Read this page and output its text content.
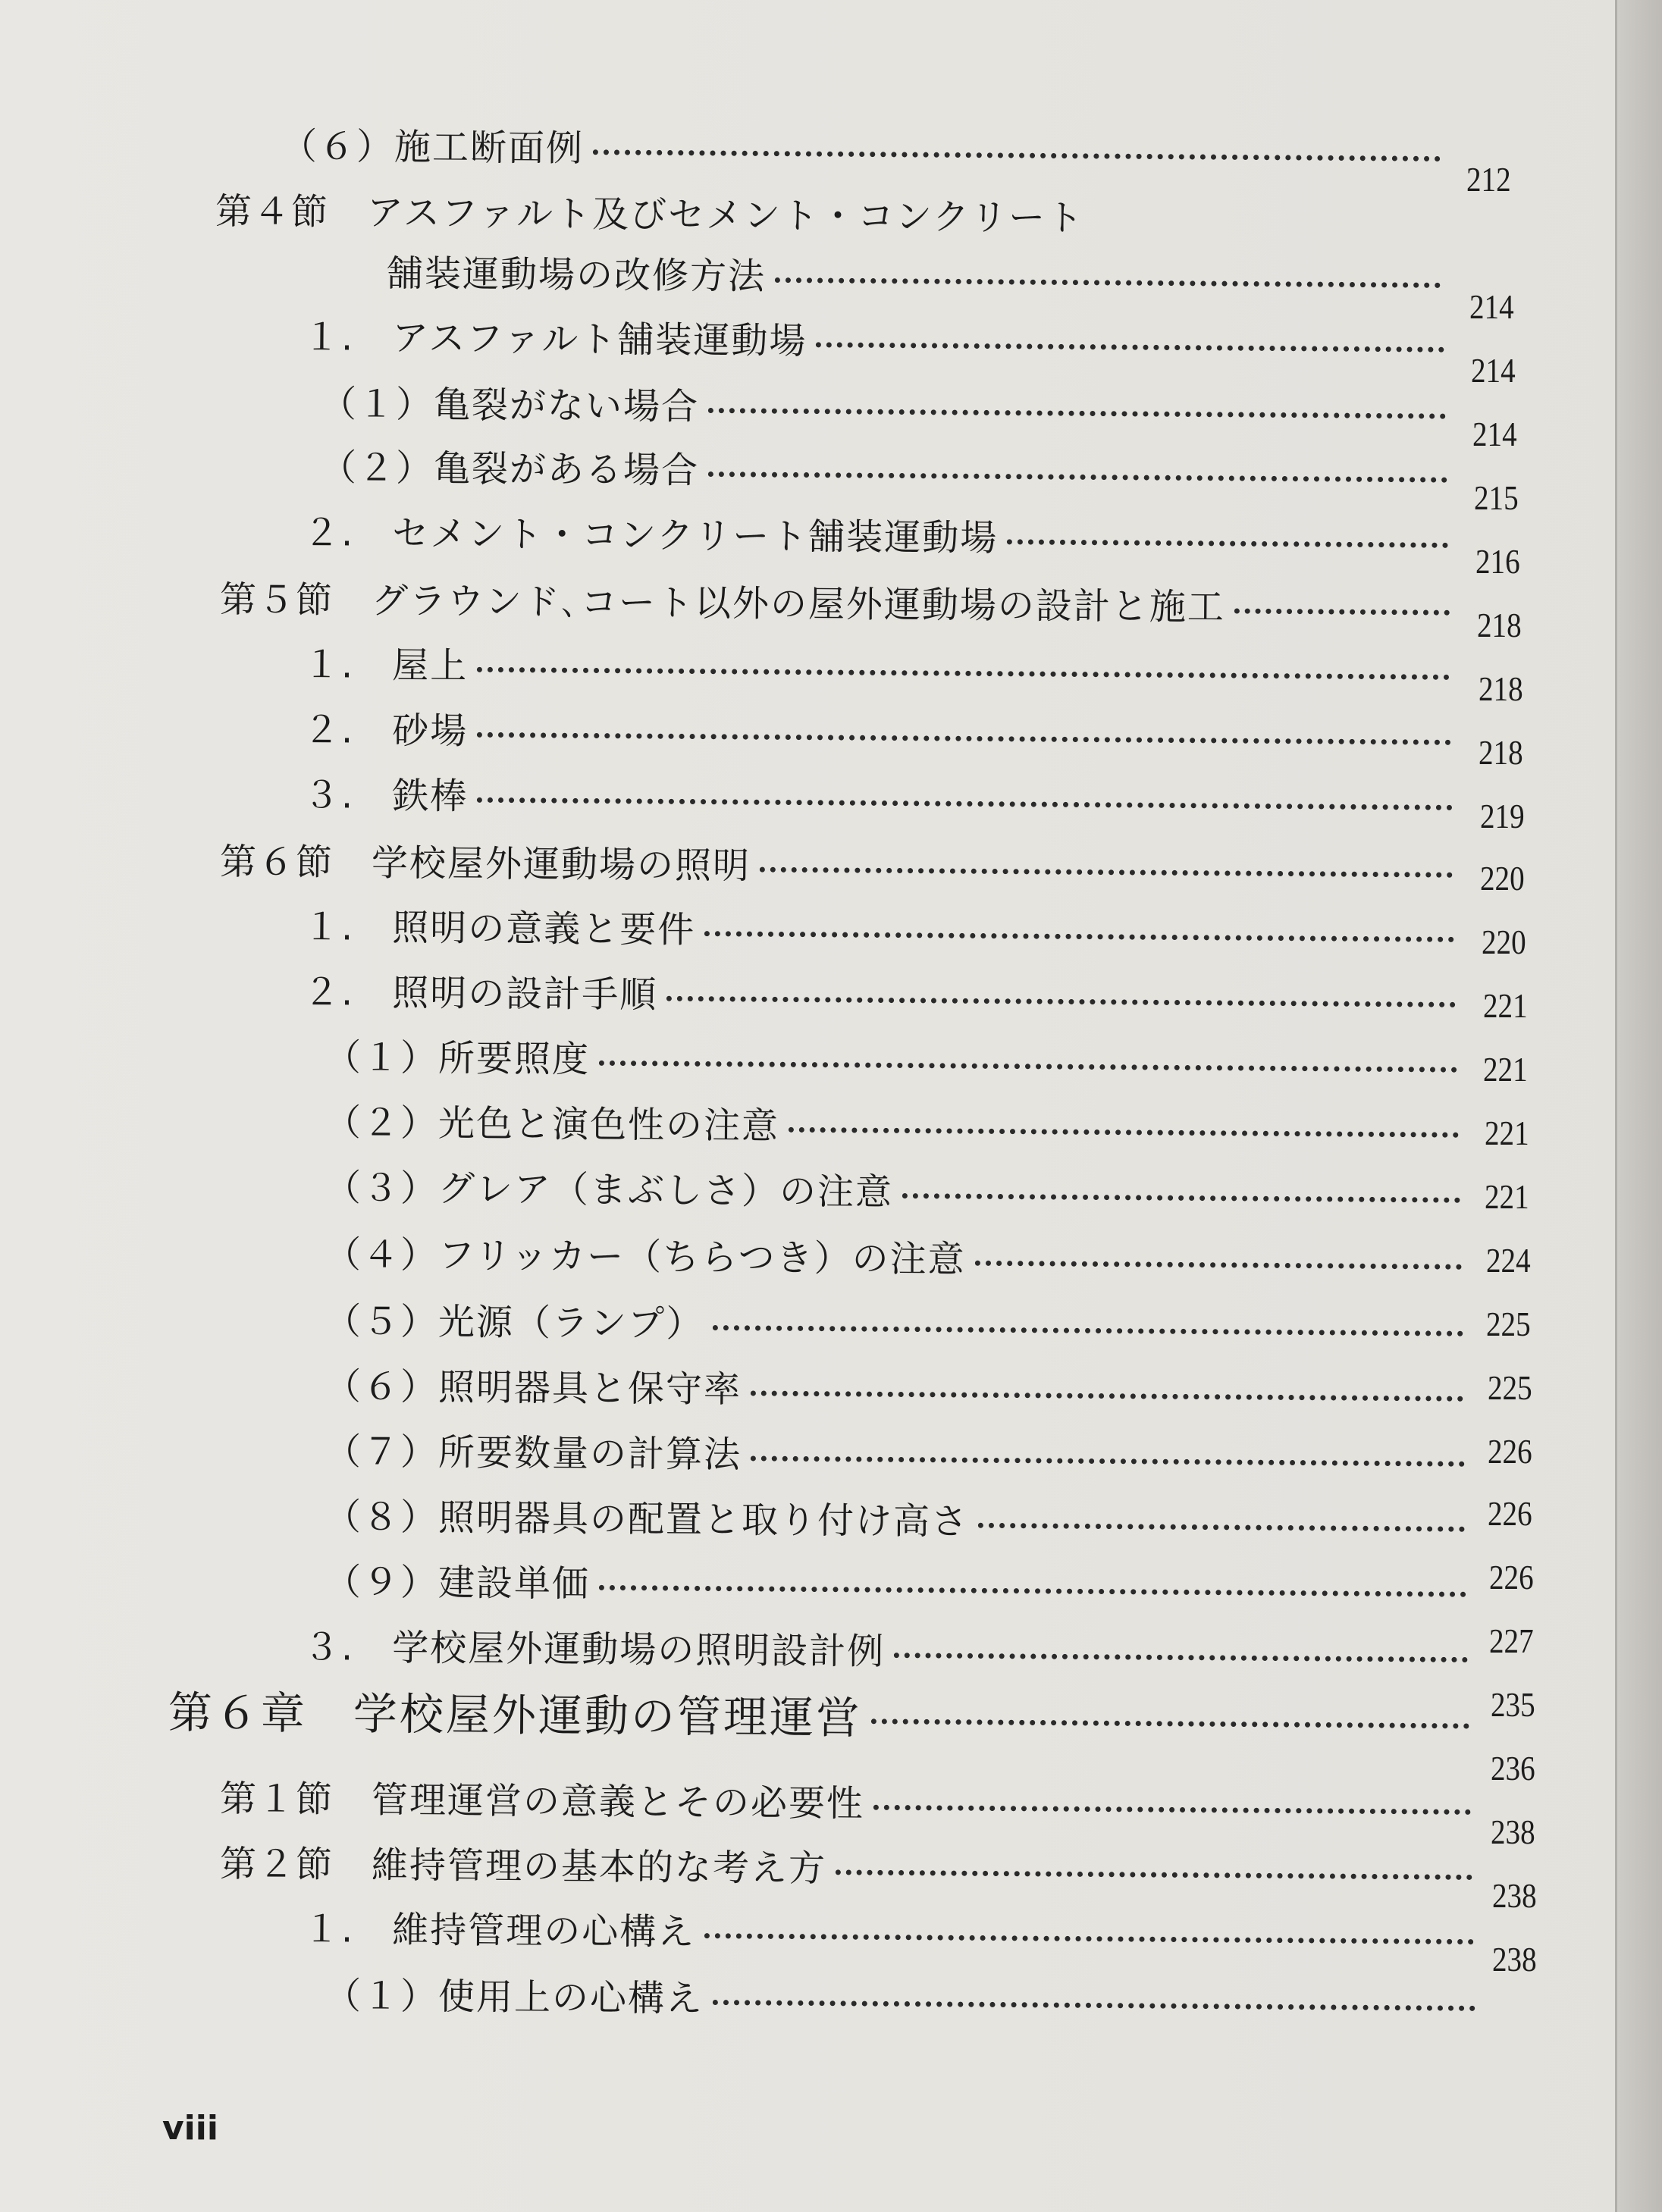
（６）施工断面例
第４節　アスファルト及びセメント・コンクリート
舗装運動場の改修方法
１.　アスファルト舗装運動場
（１）亀裂がない場合
（２）亀裂がある場合
２.　セメント・コンクリート舗装運動場
第５節　グラウンド､コート以外の屋外運動場の設計と施工
１.　屋上
２.　砂場
３.　鉄棒
第６節　学校屋外運動場の照明
１.　照明の意義と要件
２.　照明の設計手順
（１）所要照度
（２）光色と演色性の注意
（３）グレア（まぶしさ）の注意
（４）フリッカー（ちらつき）の注意
（５）光源（ランプ）
（６）照明器具と保守率
（７）所要数量の計算法
（８）照明器具の配置と取り付け高さ
（９）建設単価
３.　学校屋外運動場の照明設計例
第６章　学校屋外運動の管理運営
第１節　管理運営の意義とその必要性
第２節　維持管理の基本的な考え方
１.　維持管理の心構え
（１）使用上の心構え
212
214
214
214
215
216
218
218
218
219
220
220
221
221
221
221
224
225
225
226
226
226
227
235
236
238
238
238
viii
